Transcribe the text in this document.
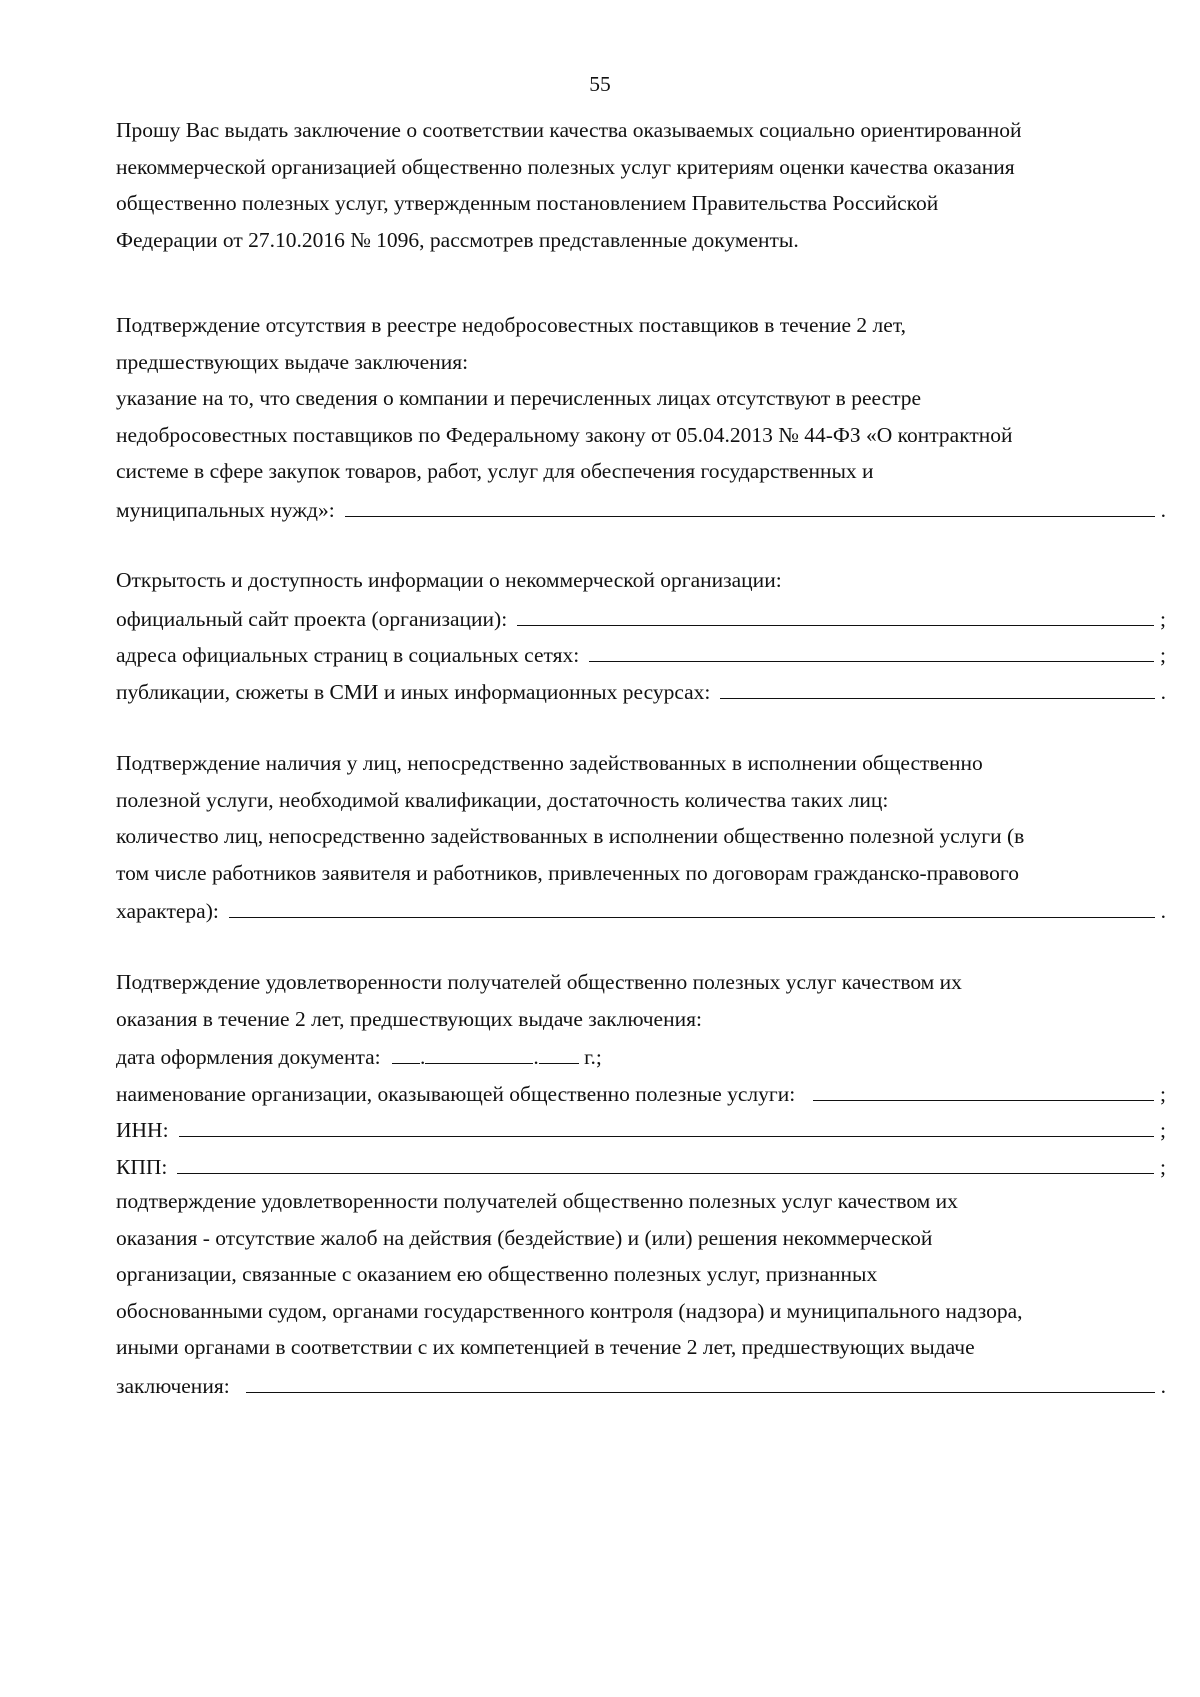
55
Прошу Вас выдать заключение о соответствии качества оказываемых социально ориентированной
некоммерческой организацией общественно полезных услуг критериям оценки качества оказания
общественно полезных услуг, утвержденным постановлением Правительства Российской
Федерации от 27.10.2016 № 1096, рассмотрев представленные документы.
Подтверждение отсутствия в реестре недобросовестных поставщиков в течение 2 лет,
предшествующих выдаче заключения:
указание на то, что сведения о компании и перечисленных лицах отсутствуют в реестре
недобросовестных поставщиков по Федеральному закону от 05.04.2013 № 44-ФЗ «О контрактной
системе в сфере закупок товаров, работ, услуг для обеспечения государственных и
муниципальных нужд»:	.
Открытость и доступность информации о некоммерческой организации:
официальный сайт проекта (организации):	;
адреса официальных страниц в социальных сетях:	;
публикации, сюжеты в СМИ и иных информационных ресурсах:	.
Подтверждение наличия у лиц, непосредственно задействованных в исполнении общественно
полезной услуги, необходимой квалификации, достаточность количества таких лиц:
количество лиц, непосредственно задействованных в исполнении общественно полезной услуги (в
том числе работников заявителя и работников, привлеченных по договорам гражданско-правового
характера):	.
Подтверждение удовлетворенности получателей общественно полезных услуг качеством их
оказания в течение 2 лет, предшествующих выдаче заключения:
дата оформления документа: .	. г.;
наименование организации, оказывающей общественно полезные услуги:	;
ИНН:	;
КПП:	;
подтверждение удовлетворенности получателей общественно полезных услуг качеством их
оказания - отсутствие жалоб на действия (бездействие) и (или) решения некоммерческой
организации, связанные с оказанием ею общественно полезных услуг, признанных
обоснованными судом, органами государственного контроля (надзора) и муниципального надзора,
иными органами в соответствии с их компетенцией в течение 2 лет, предшествующих выдаче
заключения:	.
